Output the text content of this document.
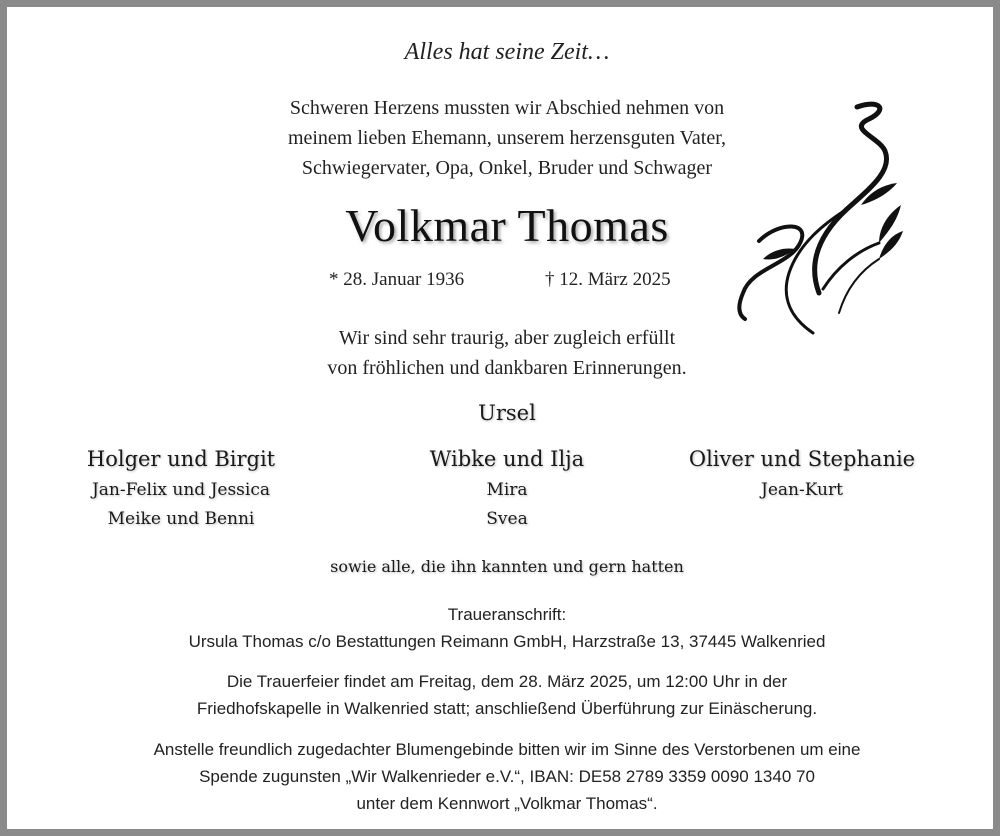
Alles hat seine Zeit…
Schweren Herzens mussten wir Abschied nehmen von
meinem lieben Ehemann, unserem herzensguten Vater,
Schwiegervater, Opa, Onkel, Bruder und Schwager
Volkmar Thomas
* 28. Januar 1936	† 12. März 2025
Wir sind sehr traurig, aber zugleich erfüllt
von fröhlichen und dankbaren Erinnerungen.
Ursel
Holger und Birgit
Jan-Felix und Jessica
Meike und Benni
Wibke und Ilja
Mira
Svea
Oliver und Stephanie
Jean-Kurt
sowie alle, die ihn kannten und gern hatten
Traueranschrift:
Ursula Thomas c/o Bestattungen Reimann GmbH, Harzstraße 13, 37445 Walkenried
Die Trauerfeier findet am Freitag, dem 28. März 2025, um 12:00 Uhr in der
Friedhofskapelle in Walkenried statt; anschließend Überführung zur Einäscherung.
Anstelle freundlich zugedachter Blumengebinde bitten wir im Sinne des Verstorbenen um eine
Spende zugunsten „Wir Walkenrieder e.V.“, IBAN: DE58 2789 3359 0090 1340 70
unter dem Kennwort „Volkmar Thomas“.
